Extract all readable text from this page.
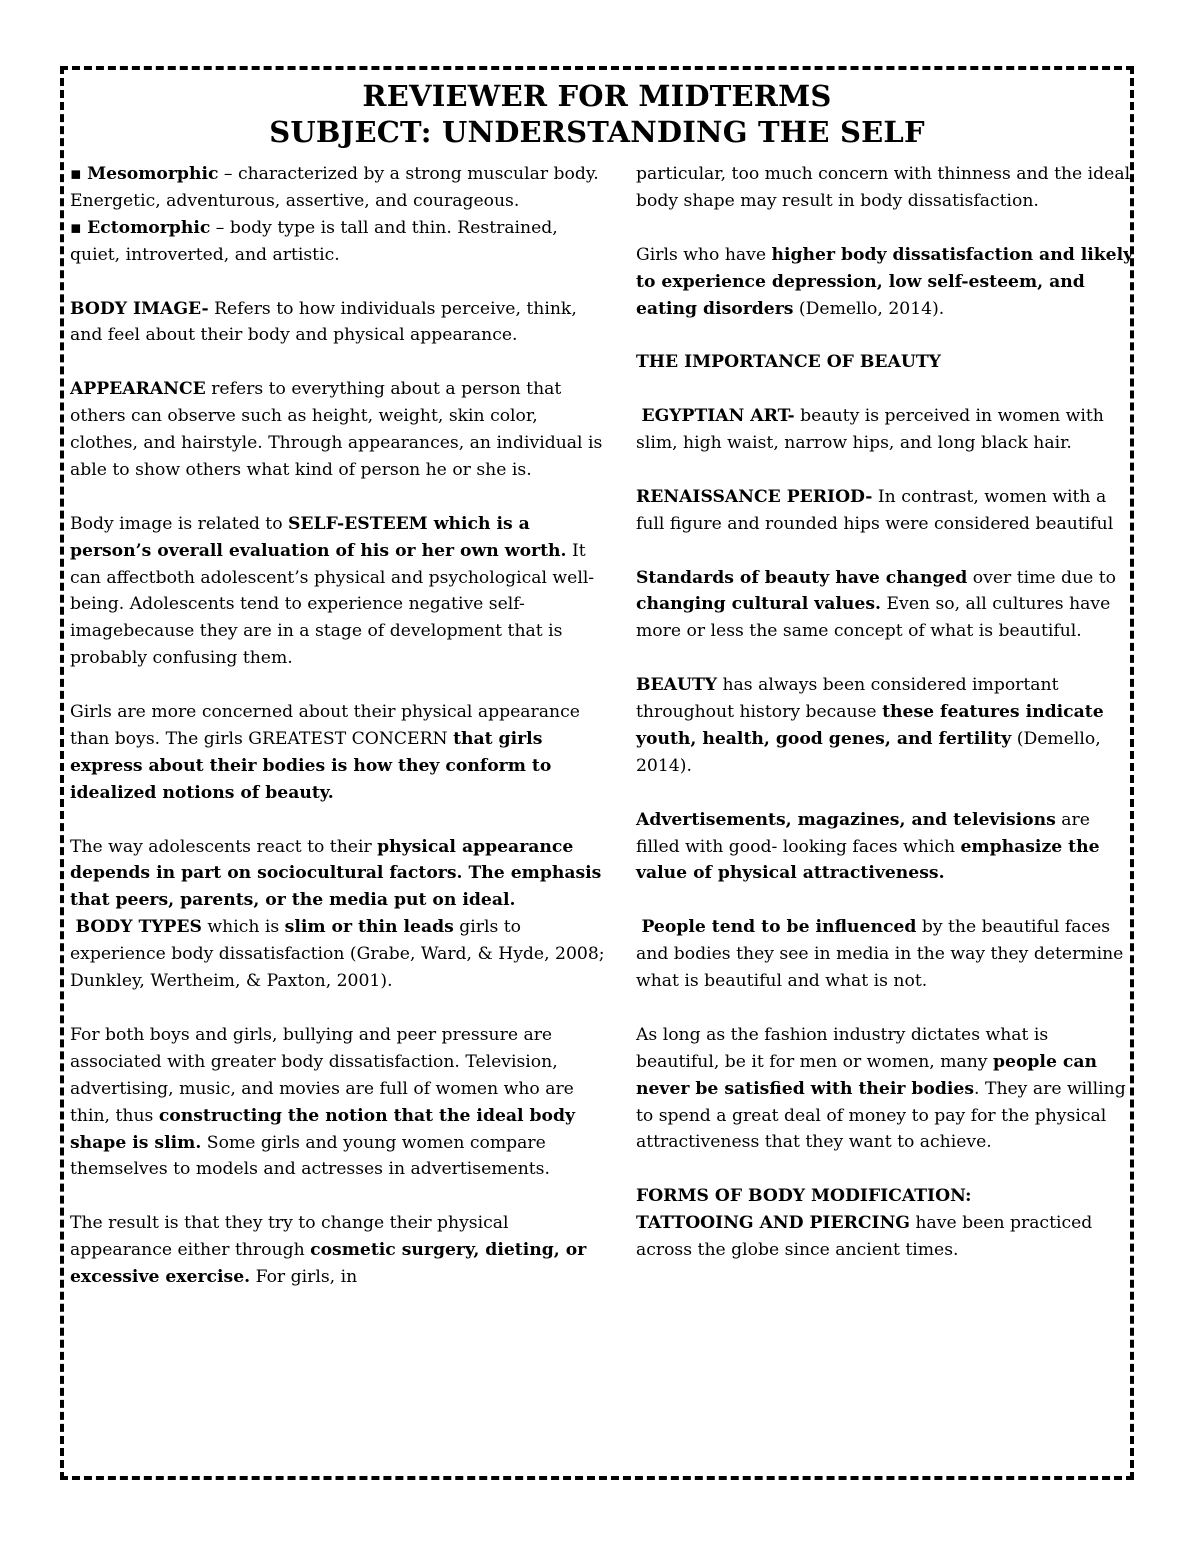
REVIEWER FOR MIDTERMS
SUBJECT: UNDERSTANDING THE SELF
▪ Mesomorphic – characterized by a strong muscular body. Energetic, adventurous, assertive, and courageous.
▪ Ectomorphic – body type is tall and thin. Restrained, quiet, introverted, and artistic.
BODY IMAGE- Refers to how individuals perceive, think, and feel about their body and physical appearance.
APPEARANCE refers to everything about a person that others can observe such as height, weight, skin color, clothes, and hairstyle. Through appearances, an individual is able to show others what kind of person he or she is.
Body image is related to SELF-ESTEEM which is a person’s overall evaluation of his or her own worth. It can affectboth adolescent’s physical and psychological well-being. Adolescents tend to experience negative self-imagebecause they are in a stage of development that is probably confusing them.
Girls are more concerned about their physical appearance than boys. The girls GREATEST CONCERN that girls express about their bodies is how they conform to idealized notions of beauty.
The way adolescents react to their physical appearance depends in part on sociocultural factors. The emphasis that peers, parents, or the media put on ideal.
BODY TYPES which is slim or thin leads girls to experience body dissatisfaction (Grabe, Ward, & Hyde, 2008; Dunkley, Wertheim, & Paxton, 2001).
For both boys and girls, bullying and peer pressure are associated with greater body dissatisfaction. Television, advertising, music, and movies are full of women who are thin, thus constructing the notion that the ideal body shape is slim. Some girls and young women compare themselves to models and actresses in advertisements.
The result is that they try to change their physical appearance either through cosmetic surgery, dieting, or excessive exercise. For girls, in
particular, too much concern with thinness and the ideal body shape may result in body dissatisfaction.
Girls who have higher body dissatisfaction and likely to experience depression, low self-esteem, and eating disorders (Demello, 2014).
THE IMPORTANCE OF BEAUTY
EGYPTIAN ART- beauty is perceived in women with slim, high waist, narrow hips, and long black hair.
RENAISSANCE PERIOD- In contrast, women with a full figure and rounded hips were considered beautiful
Standards of beauty have changed over time due to changing cultural values. Even so, all cultures have more or less the same concept of what is beautiful.
BEAUTY has always been considered important throughout history because these features indicate youth, health, good genes, and fertility (Demello, 2014).
Advertisements, magazines, and televisions are filled with good- looking faces which emphasize the value of physical attractiveness.
People tend to be influenced by the beautiful faces and bodies they see in media in the way they determine what is beautiful and what is not.
As long as the fashion industry dictates what is beautiful, be it for men or women, many people can never be satisfied with their bodies. They are willing to spend a great deal of money to pay for the physical attractiveness that they want to achieve.
FORMS OF BODY MODIFICATION:
TATTOOING AND PIERCING have been practiced across the globe since ancient times.
